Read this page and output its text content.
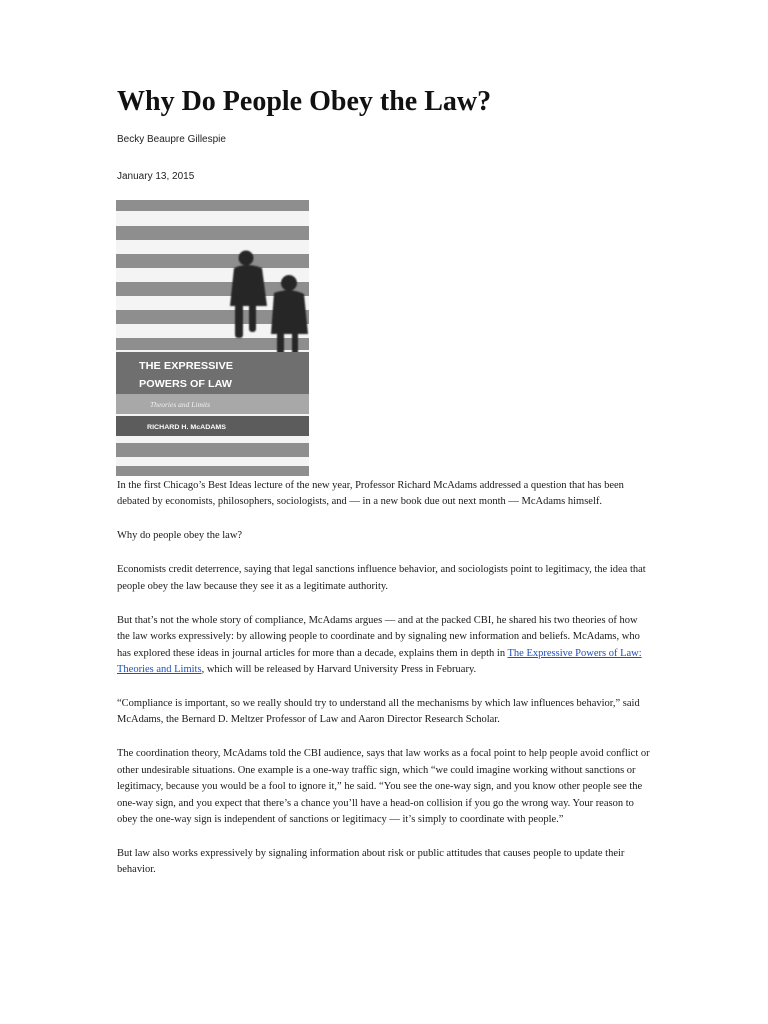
Why Do People Obey the Law?
Becky Beaupre Gillespie
January 13, 2015
THE EXPRESSIVE
POWERS OF LAW
Theories and Limits
RICHARD H. McADAMS

In the first Chicago’s Best Ideas lecture of the new year, Professor Richard McAdams addressed a question that has been debated by economists, philosophers, sociologists, and — in a new book due out next month — McAdams himself.

Why do people obey the law?

Economists credit deterrence, saying that legal sanctions influence behavior, and sociologists point to legitimacy, the idea that people obey the law because they see it as a legitimate authority.

But that’s not the whole story of compliance, McAdams argues — and at the packed CBI, he shared his two theories of how the law works expressively: by allowing people to coordinate and by signaling new information and beliefs. McAdams, who has explored these ideas in journal articles for more than a decade, explains them in depth in The Expressive Powers of Law: Theories and Limits, which will be released by Harvard University Press in February.

“Compliance is important, so we really should try to understand all the mechanisms by which law influences behavior,” said McAdams, the Bernard D. Meltzer Professor of Law and Aaron Director Research Scholar.

The coordination theory, McAdams told the CBI audience, says that law works as a focal point to help people avoid conflict or other undesirable situations. One example is a one-way traffic sign, which “we could imagine working without sanctions or legitimacy, because you would be a fool to ignore it,” he said. “You see the one-way sign, and you know other people see the one-way sign, and you expect that there’s a chance you’ll have a head-on collision if you go the wrong way. Your reason to obey the one-way sign is independent of sanctions or legitimacy — it’s simply to coordinate with people.”

But law also works expressively by signaling information about risk or public attitudes that causes people to update their behavior.
